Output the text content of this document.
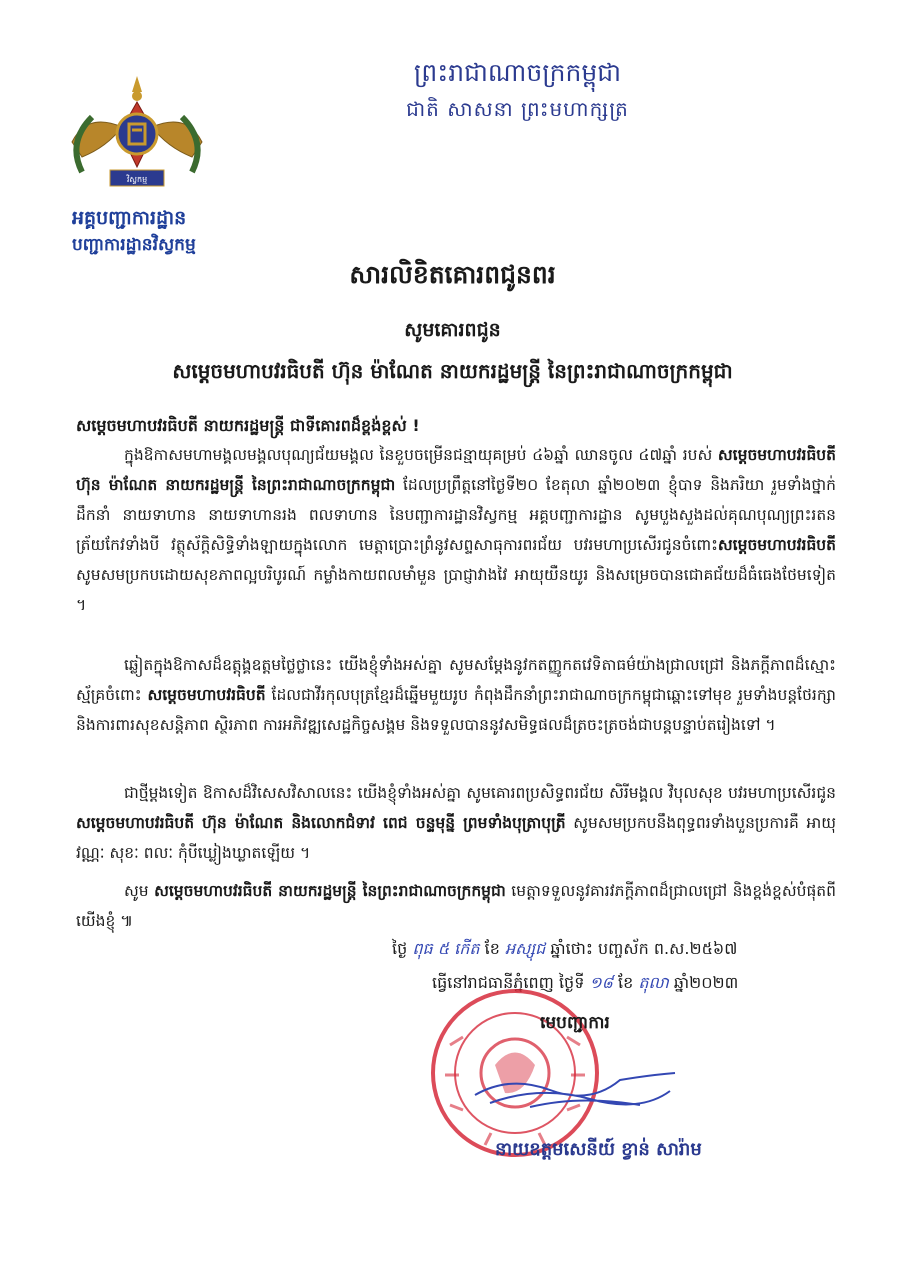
ព្រះរាជាណាចក្រកម្ពុជា
ជាតិ សាសនា ព្រះមហាក្សត្រ
វិស្វកម្ម
អគ្គបញ្ជាការដ្ឋាន
បញ្ជាការដ្ឋានវិស្វកម្ម
សារលិខិតគោរពជូនពរ
សូមគោរពជូន
សម្តេចមហាបវរធិបតី ហ៊ុន ម៉ាណែត នាយករដ្ឋមន្ត្រី នៃព្រះរាជាណាចក្រកម្ពុជា
សម្តេចមហាបវរធិបតី នាយករដ្ឋមន្ត្រី ជាទីគោរពដ៏ខ្ពង់ខ្ពស់ !
ក្នុងឱកាសមហាមង្គលមង្គលបុណ្យជ័យមង្គល នៃខួបចម្រើនជន្មាយុគម្រប់ ៤៦ឆ្នាំ ឈានចូល ៤៧ឆ្នាំ របស់ សម្តេចមហាបវរធិបតី ហ៊ុន ម៉ាណែត នាយករដ្ឋមន្ត្រី នៃព្រះរាជាណាចក្រកម្ពុជា ដែលប្រព្រឹត្តនៅថ្ងៃទី២០ ខែតុលា ឆ្នាំ២០២៣ ខ្ញុំបាទ និងភរិយា រួមទាំងថ្នាក់ដឹកនាំ នាយទាហាន នាយទាហានរង ពលទាហាន នៃបញ្ជាការដ្ឋានវិស្វកម្ម អគ្គបញ្ជាការដ្ឋាន សូមបួងសួងដល់គុណបុណ្យព្រះរតនត្រ័យកែវទាំងបី វត្ថុស័ក្តិសិទ្ធិទាំងឡាយក្នុងលោក មេត្តាប្រោះព្រំនូវសព្ទសាធុការពរជ័យ បវរមហាប្រសើរជូនចំពោះសម្តេចមហាបវរធិបតី សូមសមប្រកបដោយសុខភាពល្អបរិបូរណ៍ កម្លាំងកាយពលមាំមួន ប្រាជ្ញាវាងវៃ អាយុយឺនយូរ និងសម្រេចបានជោគជ័យដ៏ធំធេងថែមទៀត ។
ឆ្លៀតក្នុងឱកាសដ៏ឧត្តុង្គឧត្តមថ្លៃថ្លានេះ យើងខ្ញុំទាំងអស់គ្នា សូមសម្តែងនូវកតញ្ញូកតវេទិតាធម៌យ៉ាងជ្រាលជ្រៅ និងភក្តីភាពដ៏ស្មោះស្ម័គ្រចំពោះ សម្តេចមហាបវរធិបតី ដែលជាវីរកុលបុត្រខ្មែរដ៏ឆ្នើមមួយរូប កំពុងដឹកនាំព្រះរាជាណាចក្រកម្ពុជាឆ្ពោះទៅមុខ រួមទាំងបន្តថែរក្សា និងការពារសុខសន្តិភាព ស្ថិរភាព ការអភិវឌ្ឍសេដ្ឋកិច្ចសង្គម និងទទួលបាននូវសមិទ្ធផលដ៏ត្រចះត្រចង់ជាបន្តបន្ទាប់តរៀងទៅ ។
ជាថ្មីម្តងទៀត ឱកាសដ៏វិសេសវិសាលនេះ យើងខ្ញុំទាំងអស់គ្នា សូមគោរពប្រសិទ្ធពរជ័យ សិរីមង្គល វិបុលសុខ បវរមហាប្រសើរជូន សម្តេចមហាបវរធិបតី ហ៊ុន ម៉ាណែត និងលោកជំទាវ ពេជ ចន្ទមុន្នី ព្រមទាំងបុត្រាបុត្រី សូមសមប្រកបនឹងពុទ្ធពរទាំងបួនប្រការគឺ អាយុ វណ្ណៈ សុខៈ ពលៈ កុំបីឃ្លៀងឃ្លាតឡើយ ។
សូម សម្តេចមហាបវរធិបតី នាយករដ្ឋមន្ត្រី នៃព្រះរាជាណាចក្រកម្ពុជា មេត្តាទទួលនូវគារវភក្តីភាពដ៏ជ្រាលជ្រៅ និងខ្ពង់ខ្ពស់បំផុតពីយើងខ្ញុំ ៕
ថ្ងៃ ពុធ ៥ កើត ខែ អស្សុជ ឆ្នាំថោះ បញ្ចស័ក ព.ស.២៥៦៧
ធ្វើនៅរាជធានីភ្នំពេញ ថ្ងៃទី ១៨ ខែ តុលា ឆ្នាំ២០២៣
មេបញ្ជាការ
នាយឧត្តមសេនីយ៍ ខ្វាន់ សារ៉ាម
